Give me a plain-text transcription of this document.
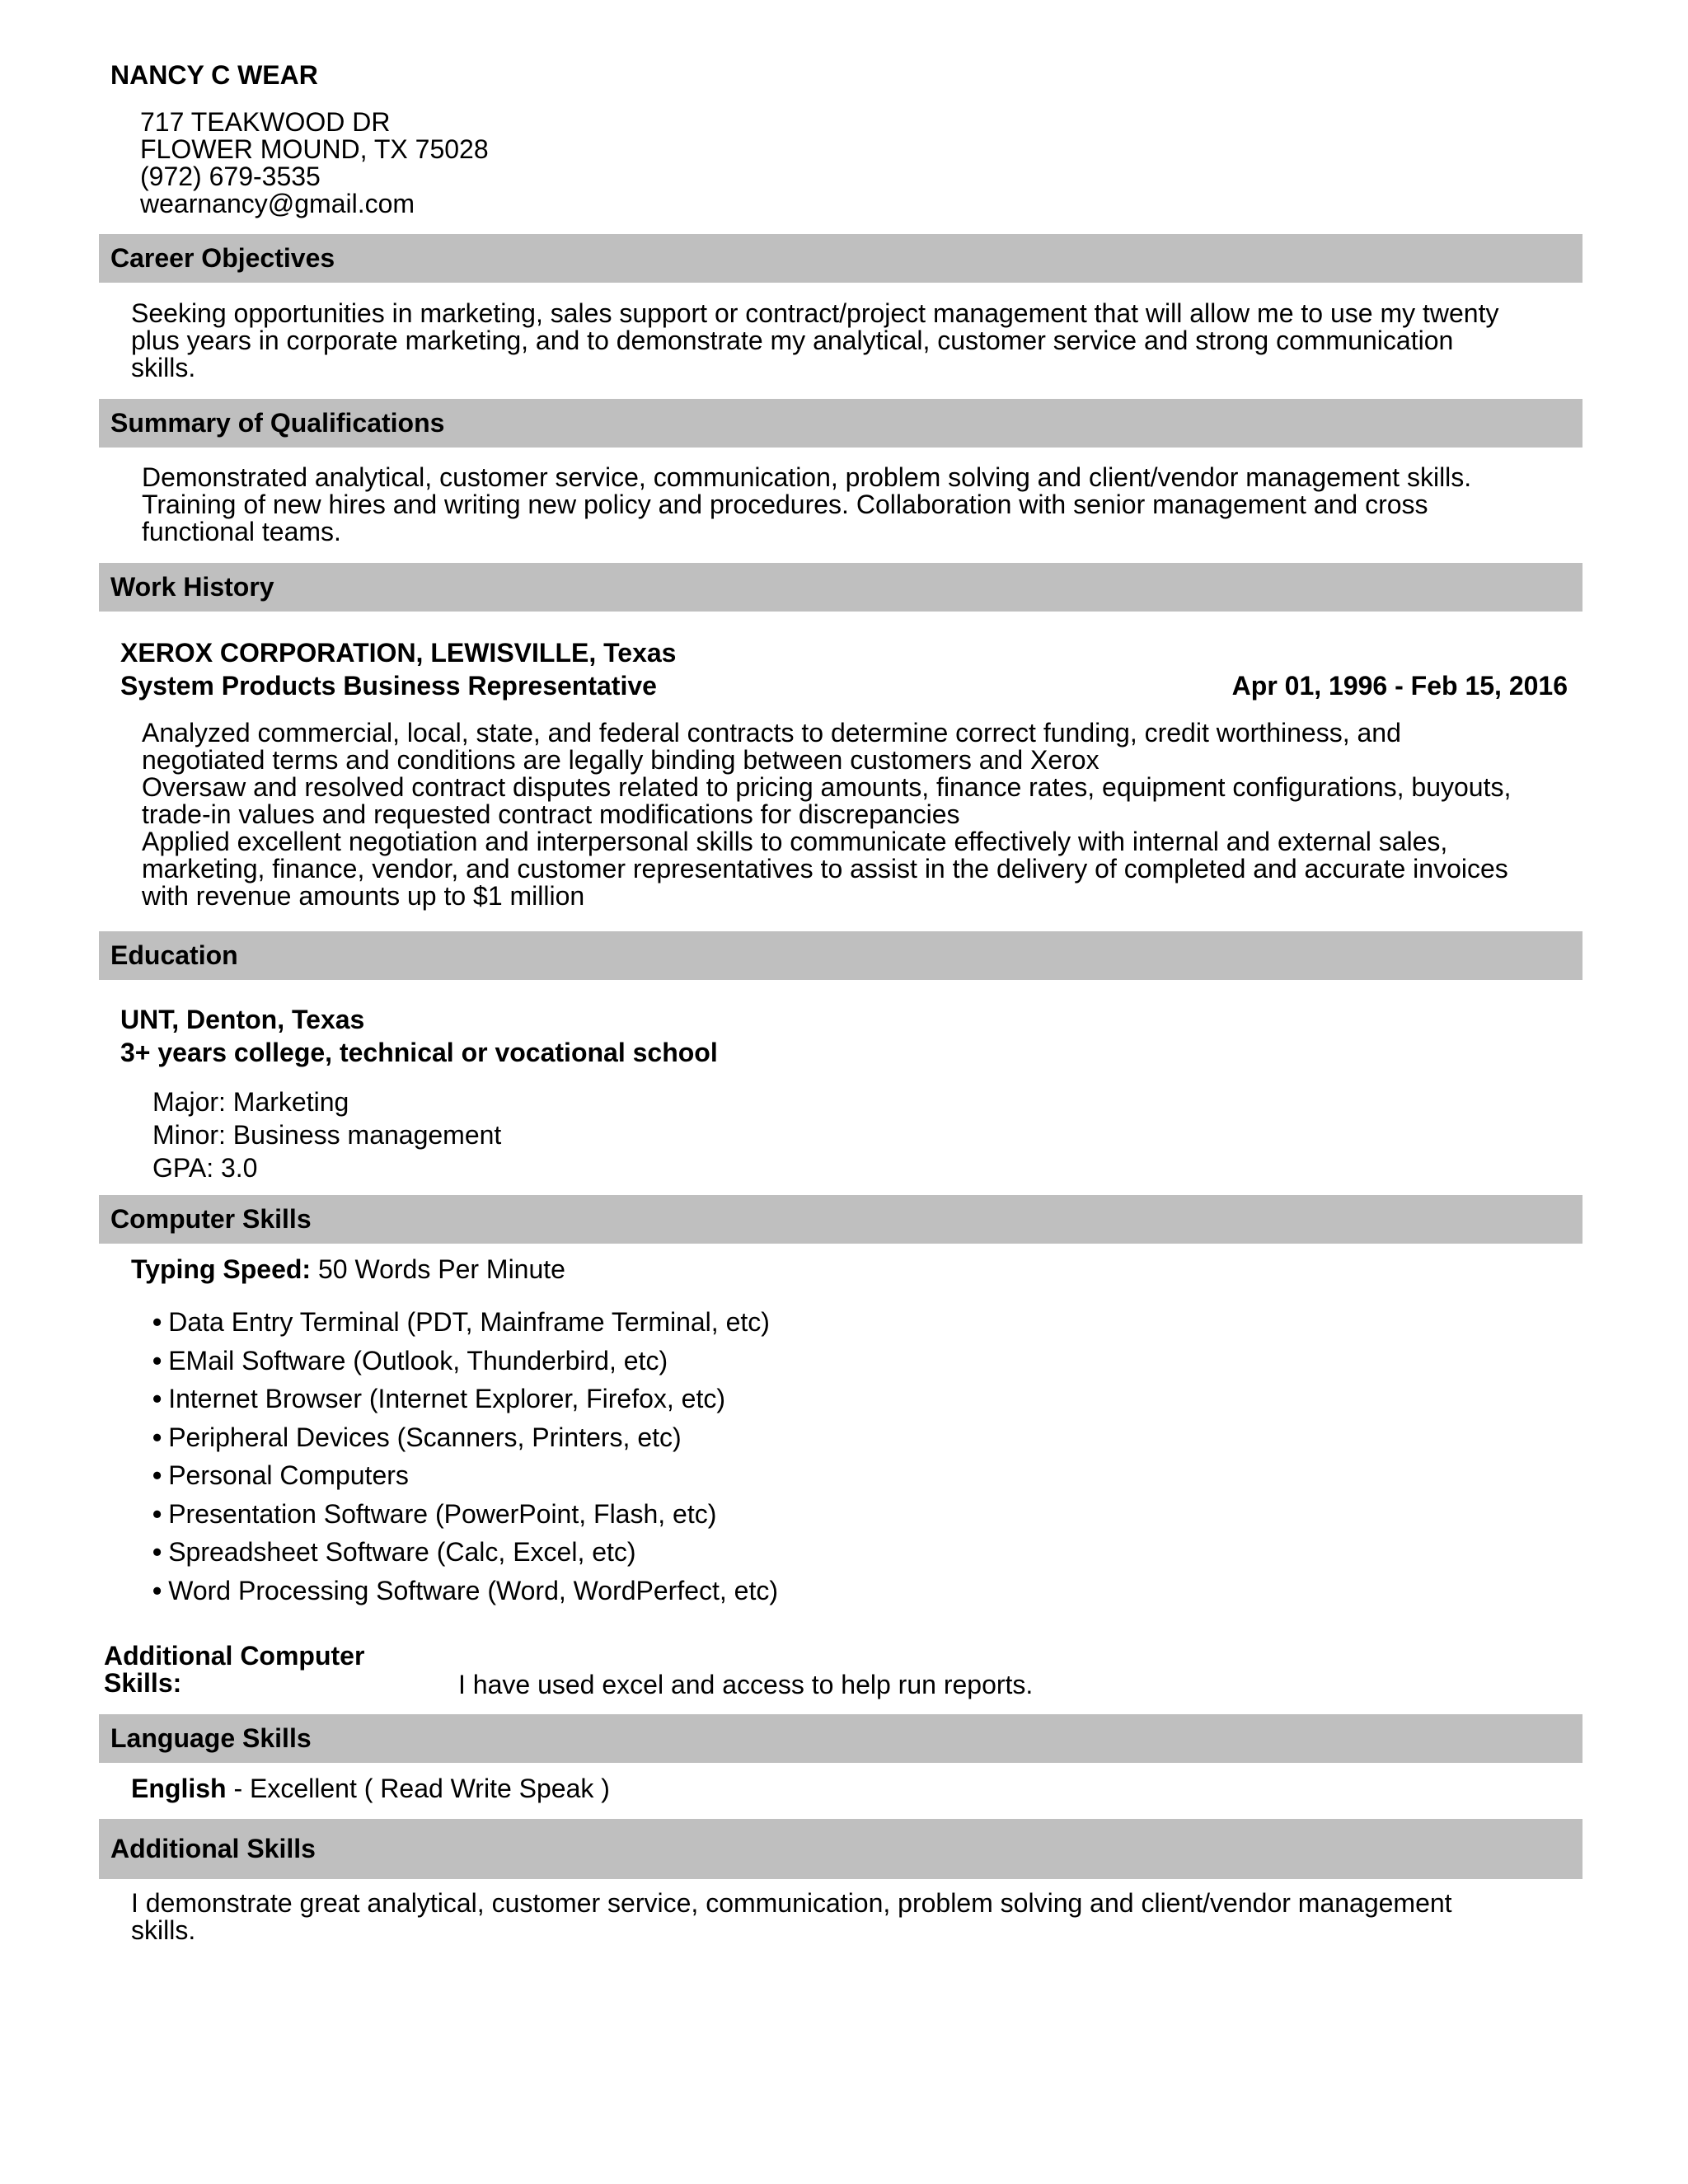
NANCY C WEAR
717 TEAKWOOD DR
FLOWER MOUND, TX 75028
(972) 679-3535
wearnancy@gmail.com
Career Objectives
Seeking opportunities in marketing, sales support or contract/project management that will allow me to use my twenty
plus years in corporate marketing, and to demonstrate my analytical, customer service and strong communication
skills.
Summary of Qualifications
Demonstrated analytical, customer service, communication, problem solving and client/vendor management skills.
Training of new hires and writing new policy and procedures. Collaboration with senior management and cross
functional teams.
Work History
XEROX CORPORATION, LEWISVILLE, Texas
System Products Business Representative	Apr 01, 1996 - Feb 15, 2016
Analyzed commercial, local, state, and federal contracts to determine correct funding, credit worthiness, and
negotiated terms and conditions are legally binding between customers and Xerox
Oversaw and resolved contract disputes related to pricing amounts, finance rates, equipment configurations, buyouts,
trade-in values and requested contract modifications for discrepancies
Applied excellent negotiation and interpersonal skills to communicate effectively with internal and external sales,
marketing, finance, vendor, and customer representatives to assist in the delivery of completed and accurate invoices
with revenue amounts up to $1 million
Education
UNT, Denton, Texas
3+ years college, technical or vocational school
Major: Marketing
Minor: Business management
GPA: 3.0
Computer Skills
Typing Speed: 50 Words Per Minute
• Data Entry Terminal (PDT, Mainframe Terminal, etc)
• EMail Software (Outlook, Thunderbird, etc)
• Internet Browser (Internet Explorer, Firefox, etc)
• Peripheral Devices (Scanners, Printers, etc)
• Personal Computers
• Presentation Software (PowerPoint, Flash, etc)
• Spreadsheet Software (Calc, Excel, etc)
• Word Processing Software (Word, WordPerfect, etc)
Additional Computer
Skills:	I have used excel and access to help run reports.
Language Skills
English - Excellent ( Read Write Speak )
Additional Skills
I demonstrate great analytical, customer service, communication, problem solving and client/vendor management
skills.
